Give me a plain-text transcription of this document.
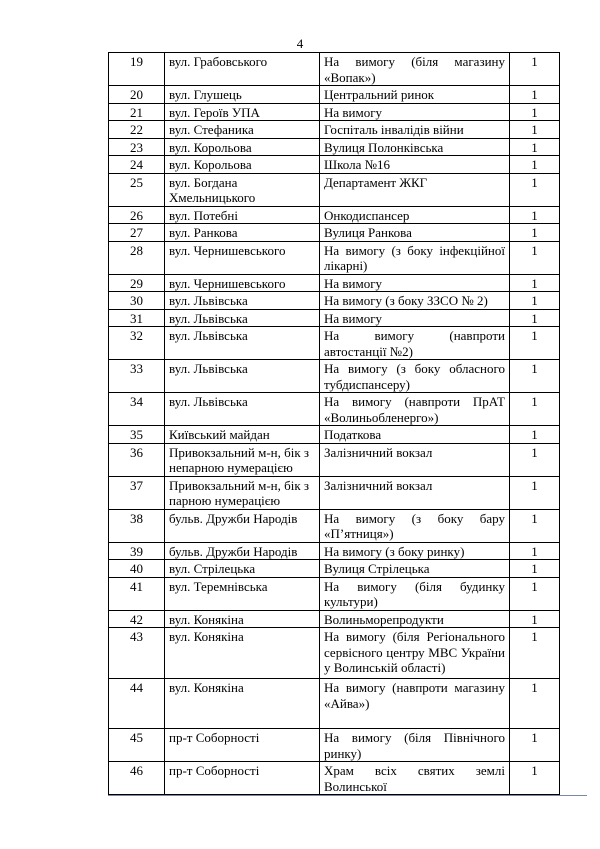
4
19	вул. Грабовського	На вимогу (біля магазину «Вопак»)	1
20	вул. Глушець	Центральний ринок	1
21	вул. Героїв УПА	На вимогу	1
22	вул. Стефаника	Госпіталь інвалідів війни	1
23	вул. Корольова	Вулиця Полонківська	1
24	вул. Корольова	Школа №16	1
25	вул. Богдана Хмельницького	Департамент ЖКГ	1
26	вул. Потебні	Онкодиспансер	1
27	вул. Ранкова	Вулиця Ранкова	1
28	вул. Чернишевського	На вимогу (з боку інфекційної лікарні)	1
29	вул. Чернишевського	На вимогу	1
30	вул. Львівська	На вимогу (з боку ЗЗСО № 2)	1
31	вул. Львівська	На вимогу	1
32	вул. Львівська	На вимогу (навпроти автостанції №2)	1
33	вул. Львівська	На вимогу (з боку обласного тубдиспансеру)	1
34	вул. Львівська	На вимогу (навпроти ПрАТ «Волиньобленерго»)	1
35	Київський майдан	Податкова	1
36	Привокзальний м-н, бік з непарною нумерацією	Залізничний вокзал	1
37	Привокзальний м-н, бік з парною нумерацією	Залізничний вокзал	1
38	бульв. Дружби Народів	На вимогу (з боку бару «П’ятниця»)	1
39	бульв. Дружби Народів	На вимогу (з боку ринку)	1
40	вул. Стрілецька	Вулиця Стрілецька	1
41	вул. Теремнівська	На вимогу (біля будинку культури)	1
42	вул. Конякіна	Волиньморепродукти	1
43	вул. Конякіна	На вимогу (біля Регіонального сервісного центру МВС України у Волинській області)	1
44	вул. Конякіна	На вимогу (навпроти магазину «Айва»)	1
45	пр-т Соборності	На вимогу (біля Північного ринку)	1
46	пр-т Соборності	Храм всіх святих землі Волинської	1
